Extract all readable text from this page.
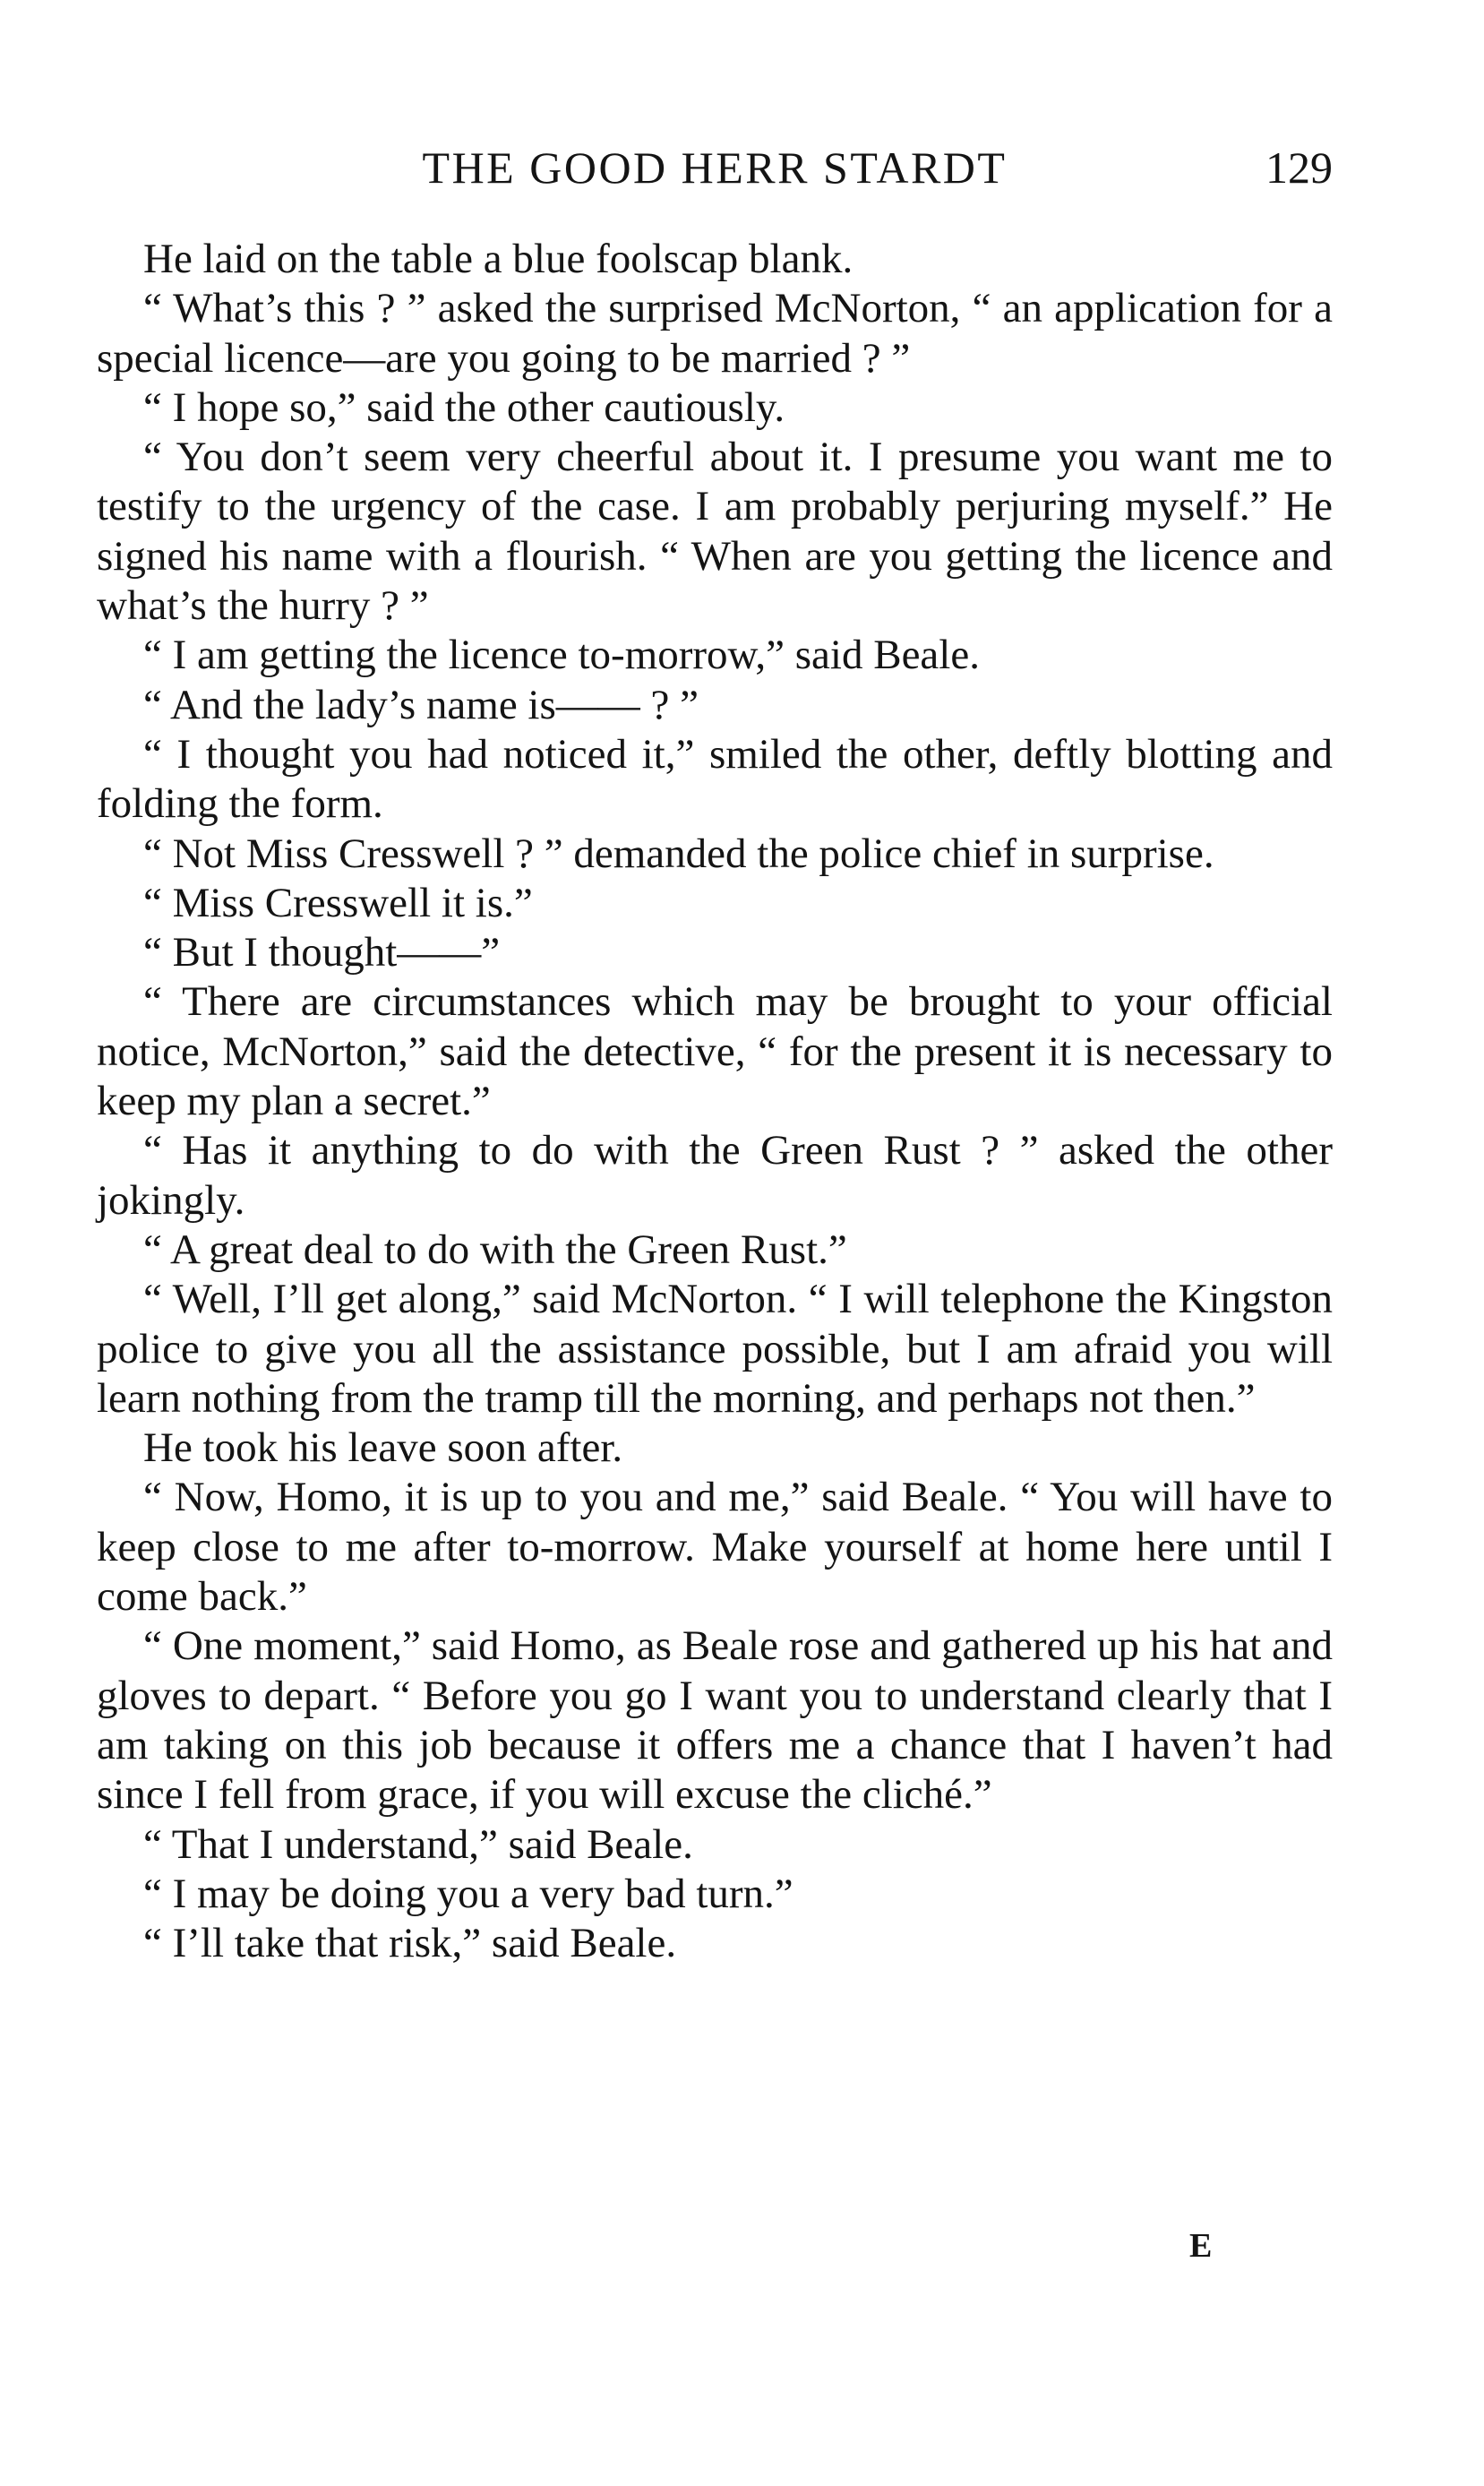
THE GOOD HERR STARDT	129

He laid on the table a blue foolscap blank.

“ What’s this ? ” asked the surprised McNorton, “ an application for a special licence—are you going to be married ? ”

“ I hope so,” said the other cautiously.

“ You don’t seem very cheerful about it. I presume you want me to testify to the urgency of the case. I am probably perjuring myself.” He signed his name with a flourish. “ When are you getting the licence and what’s the hurry ? ”

“ I am getting the licence to-morrow,” said Beale.

“ And the lady’s name is—— ? ”

“ I thought you had noticed it,” smiled the other, deftly blotting and folding the form.

“ Not Miss Cresswell ? ” demanded the police chief in surprise.

“ Miss Cresswell it is.”

“ But I thought——”

“ There are circumstances which may be brought to your official notice, McNorton,” said the detective, “ for the present it is necessary to keep my plan a secret.”

“ Has it anything to do with the Green Rust ? ” asked the other jokingly.

“ A great deal to do with the Green Rust.”

“ Well, I’ll get along,” said McNorton. “ I will telephone the Kingston police to give you all the assistance possible, but I am afraid you will learn nothing from the tramp till the morning, and perhaps not then.”

He took his leave soon after.

“ Now, Homo, it is up to you and me,” said Beale. “ You will have to keep close to me after to-morrow. Make yourself at home here until I come back.”

“ One moment,” said Homo, as Beale rose and gathered up his hat and gloves to depart. “ Before you go I want you to understand clearly that I am taking on this job because it offers me a chance that I haven’t had since I fell from grace, if you will excuse the cliché.”

“ That I understand,” said Beale.

“ I may be doing you a very bad turn.”

“ I’ll take that risk,” said Beale.

E
